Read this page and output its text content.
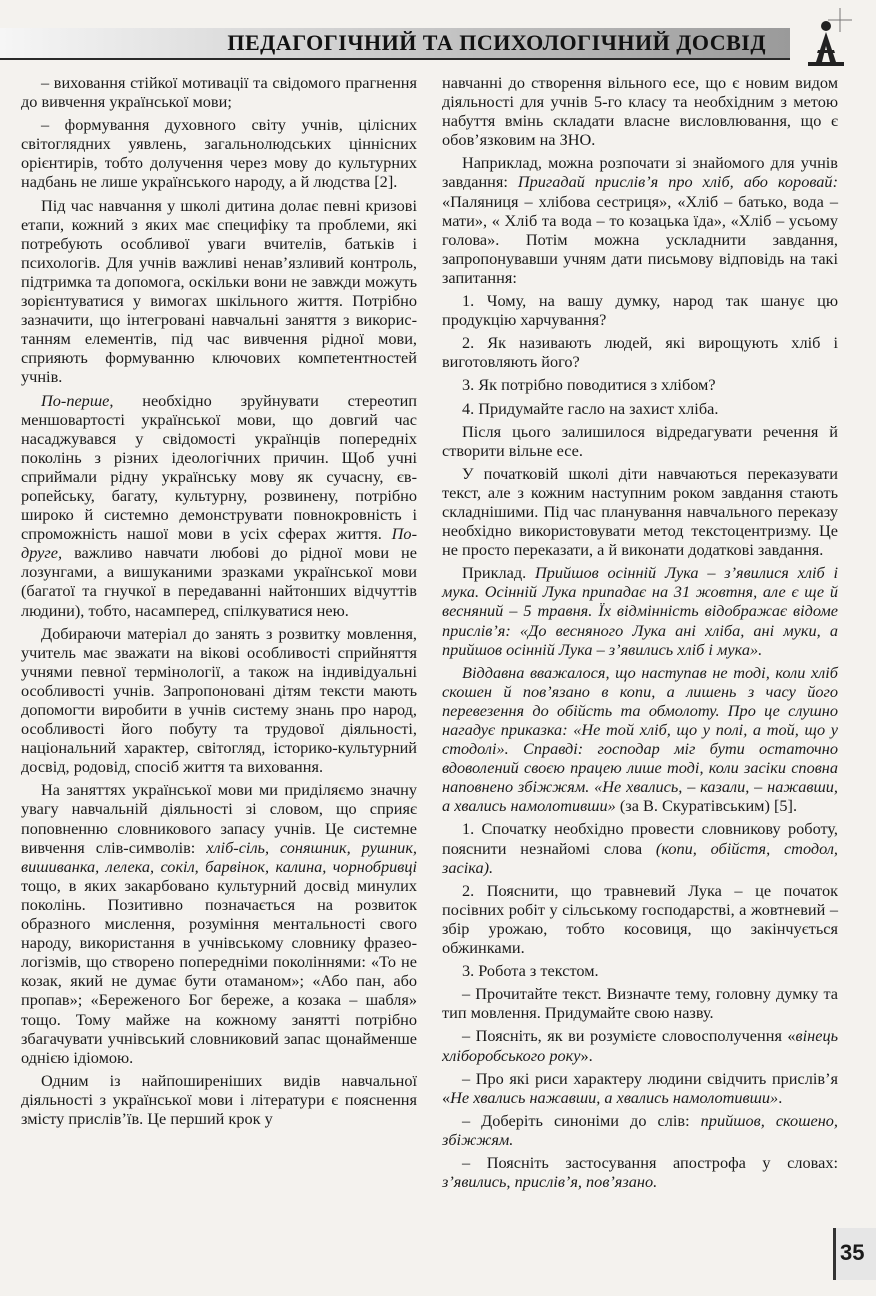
ПЕДАГОГІЧНИЙ ТА ПСИХОЛОГІЧНИЙ ДОСВІД

– виховання стійкої мотивації та свідомого прагнення до вивчення української мови;

– формування духовного світу учнів, цілісних світоглядних уявлень, загальнолюдських ціннісних орієнтирів, тобто долучення через мову до культурних надбань не лише українського народу, а й людства [2].

Під час навчання у школі дитина долає певні кризові етапи, кожний з яких має специфіку та проблеми, які потребують особливої уваги вчителів, батьків і психологів. Для учнів важливі ненав’язливий контроль, підтримка та допомога, оскільки вони не завжди можуть зорієнтуватися у вимогах шкільного життя. Потрібно зазначити, що інтегровані навчальні заняття з використанням елементів, під час вивчення рідної мови, сприяють формуванню ключових компетентностей учнів.

По-перше, необхідно зруйнувати стереотип меншовартості української мови, що довгий час насаджувався у свідомості українців попередніх поколінь з різних ідеологічних причин. Щоб учні сприймали рідну українську мову як сучасну, європейську, багату, культурну, розвинену, потрібно широко й системно демонструвати повнокровність і спроможність нашої мови в усіх сферах життя. По-друге, важливо навчати любові до рідної мови не лозунгами, а вишуканими зразками української мови (багатої та гнучкої в передаванні найтонших відчуттів людини), тобто, насамперед, спілкуватися нею.

Добираючи матеріал до занять з розвитку мовлення, учитель має зважати на вікові особливості сприйняття учнями певної термінології, а також на індивідуальні особливості учнів. Запропоновані дітям тексти мають допомогти виробити в учнів систему знань про народ, особливості його побуту та трудової діяльності, національний характер, світогляд, історико-культурний досвід, родовід, спосіб життя та виховання.

На заняттях української мови ми приділяємо значну увагу навчальній діяльності зі словом, що сприяє поповненню словникового запасу учнів. Це системне вивчення слів-символів: хліб-сіль, соняшник, рушник, вишиванка, лелека, сокіл, барвінок, калина, чорнобривці тощо, в яких закарбовано культурний досвід минулих поколінь. Позитивно позначається на розвиток образного мислення, розуміння ментальності свого народу, використання в учнівському словнику фразеологізмів, що створено попередніми поколіннями: «То не козак, який не думає бути отаманом»; «Або пан, або пропав»; «Бережeного Бог береже, а козака – шабля» тощо. Тому майже на кожному занятті потрібно збагачувати учнівський словниковий запас щонайменше однією ідіомою.

Одним із найпоширеніших видів навчальної діяльності з української мови і літератури є пояснення змісту прислів’їв. Це перший крок у

навчанні до створення вільного есе, що є новим видом діяльності для учнів 5-го класу та необхідним з метою набуття вмінь складати власне висловлювання, що є обов’язковим на ЗНО.

Наприклад, можна розпочати зі знайомого для учнів завдання: Пригадай прислів’я про хліб, або коровай: «Паляниця – хлібова сестриця», «Хліб – батько, вода – мати», « Хліб та вода – то козацька їда», «Хліб – усьому голова». Потім можна ускладнити завдання, запропонувавши учням дати письмову відповідь на такі запитання:

1. Чому, на вашу думку, народ так шанує цю продукцію харчування?

2. Як називають людей, які вирощують хліб і виготовляють його?

3. Як потрібно поводитися з хлібом?

4. Придумайте гасло на захист хліба.

Після цього залишилося відредагувати речення й створити вільне есе.

У початковій школі діти навчаються переказувати текст, але з кожним наступним роком завдання стають складнішими. Під час планування навчального переказу необхідно використовувати метод текстоцентризму. Це не просто переказати, а й виконати додаткові завдання.

Приклад. Прийшов осінній Лука – з’явилися хліб і мука. Осінній Лука припадає на 31 жовтня, але є ще й весняний – 5 травня. Їх відмінність відображає відоме прислів’я: «До весняного Лука ані хліба, ані муки, а прийшов осінній Лука – з’явились хліб і мука».

Віддавна вважалося, що наступав не тоді, коли хліб скошен й пов’язано в копи, а лишень з часу його перевезення до обійсть та обмолоту. Про це слушно нагадує приказка: «Не той хліб, що у полі, а той, що у стодолі». Справді: господар міг бути остаточно вдоволений своєю працею лише тоді, коли засіки сповна наповнено збіжжям. «Не хвались, – казали, – нажавши, а хвались намолотивши» (за В. Скуратівським) [5].

1. Спочатку необхідно провести словникову роботу, пояснити незнайомі слова (копи, обійстя, стодол, засіка).

2. Пояснити, що травневий Лука – це початок посівних робіт у сільському господарстві, а жовтневий – збір урожаю, тобто косовиця, що закінчується обжинками.

3. Робота з текстом.

– Прочитайте текст. Визначте тему, головну думку та тип мовлення. Придумайте свою назву.

– Поясніть, як ви розумієте словосполучення «вінець хліборобського року».

– Про які риси характеру людини свідчить прислів’я «Не хвались нажавши, а хвались намолотивши».

– Доберіть синоніми до слів: прийшов, скошено, збіжжям.

– Поясніть застосування апострофа у словах: з’явились, прислів’я, пов’язано.

35
